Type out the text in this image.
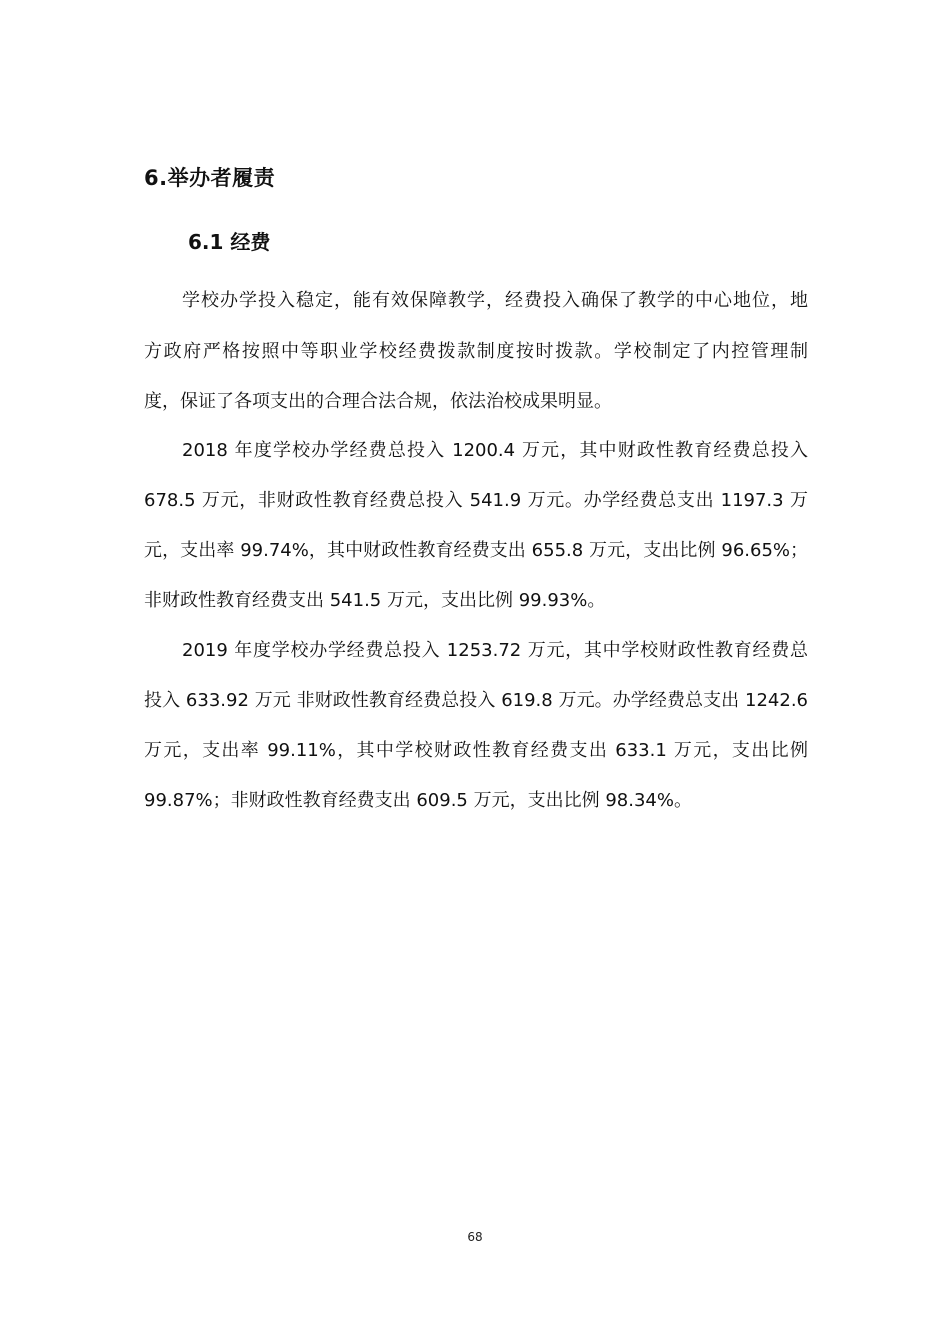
6.举办者履责
6.1 经费
学校办学投入稳定，能有效保障教学，经费投入确保了教学的中心地位，地
方政府严格按照中等职业学校经费拨款制度按时拨款。学校制定了内控管理制
度，保证了各项支出的合理合法合规，依法治校成果明显。
2018 年度学校办学经费总投入 1200.4 万元，其中财政性教育经费总投入
678.5 万元，非财政性教育经费总投入 541.9 万元。办学经费总支出 1197.3 万
元，支出率 99.74%，其中财政性教育经费支出 655.8 万元，支出比例 96.65%；
非财政性教育经费支出 541.5 万元，支出比例 99.93%。
2019 年度学校办学经费总投入 1253.72 万元，其中学校财政性教育经费总
投入 633.92 万元 非财政性教育经费总投入 619.8 万元。办学经费总支出 1242.6
万元，支出率 99.11%，其中学校财政性教育经费支出 633.1 万元，支出比例
99.87%；非财政性教育经费支出 609.5 万元，支出比例 98.34%。
68
